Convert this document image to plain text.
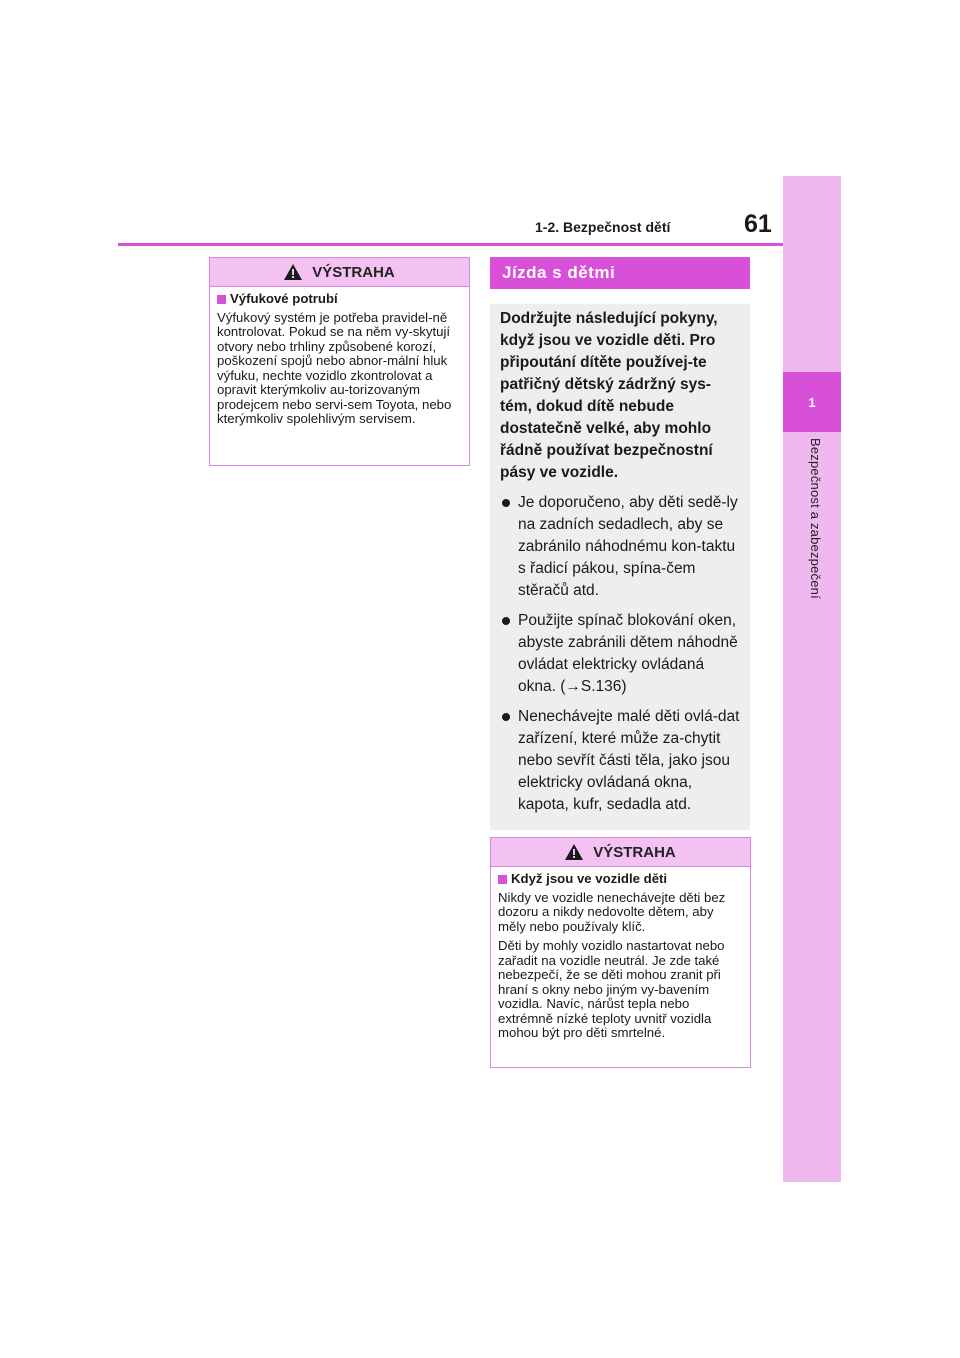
1
Bezpečnost a zabezpečení
1-2. Bezpečnost dětí	61
VÝSTRAHA
Výfukové potrubí

Výfukový systém je potřeba pravidel-ně kontrolovat. Pokud se na něm vy-skytují otvory nebo trhliny způsobené korozí, poškození spojů nebo abnor-mální hluk výfuku, nechte vozidlo zkontrolovat a opravit kterýmkoliv au-torizovaným prodejcem nebo servi-sem Toyota, nebo kterýmkoliv spolehlivým servisem.

Jízda s dětmi

Dodržujte následující pokyny, když jsou ve vozidle děti. Pro připoutání dítěte používej-te patřičný dětský zádržný sys-tém, dokud dítě nebude dostatečně velké, aby mohlo řádně používat bezpečnostní pásy ve vozidle.

Je doporučeno, aby děti sedě-ly na zadních sedadlech, aby se zabránilo náhodnému kon-taktu s řadicí pákou, spína-čem stěračů atd.
Použijte spínač blokování oken, abyste zabránili dětem náhodně ovládat elektricky ovládaná okna. (→S.136)
Nenechávejte malé děti ovlá-dat zařízení, které může za-chytit nebo sevřít části těla, jako jsou elektricky ovládaná okna, kapota, kufr, sedadla atd.
VÝSTRAHA
Když jsou ve vozidle děti

Nikdy ve vozidle nenechávejte děti bez dozoru a nikdy nedovolte dětem, aby měly nebo používaly klíč.

Děti by mohly vozidlo nastartovat nebo zařadit na vozidle neutrál. Je zde také nebezpečí, že se děti mohou zranit při hraní s okny nebo jiným vy-bavením vozidla. Navíc, nárůst tepla nebo extrémně nízké teploty uvnitř vozidla mohou být pro děti smrtelné.
